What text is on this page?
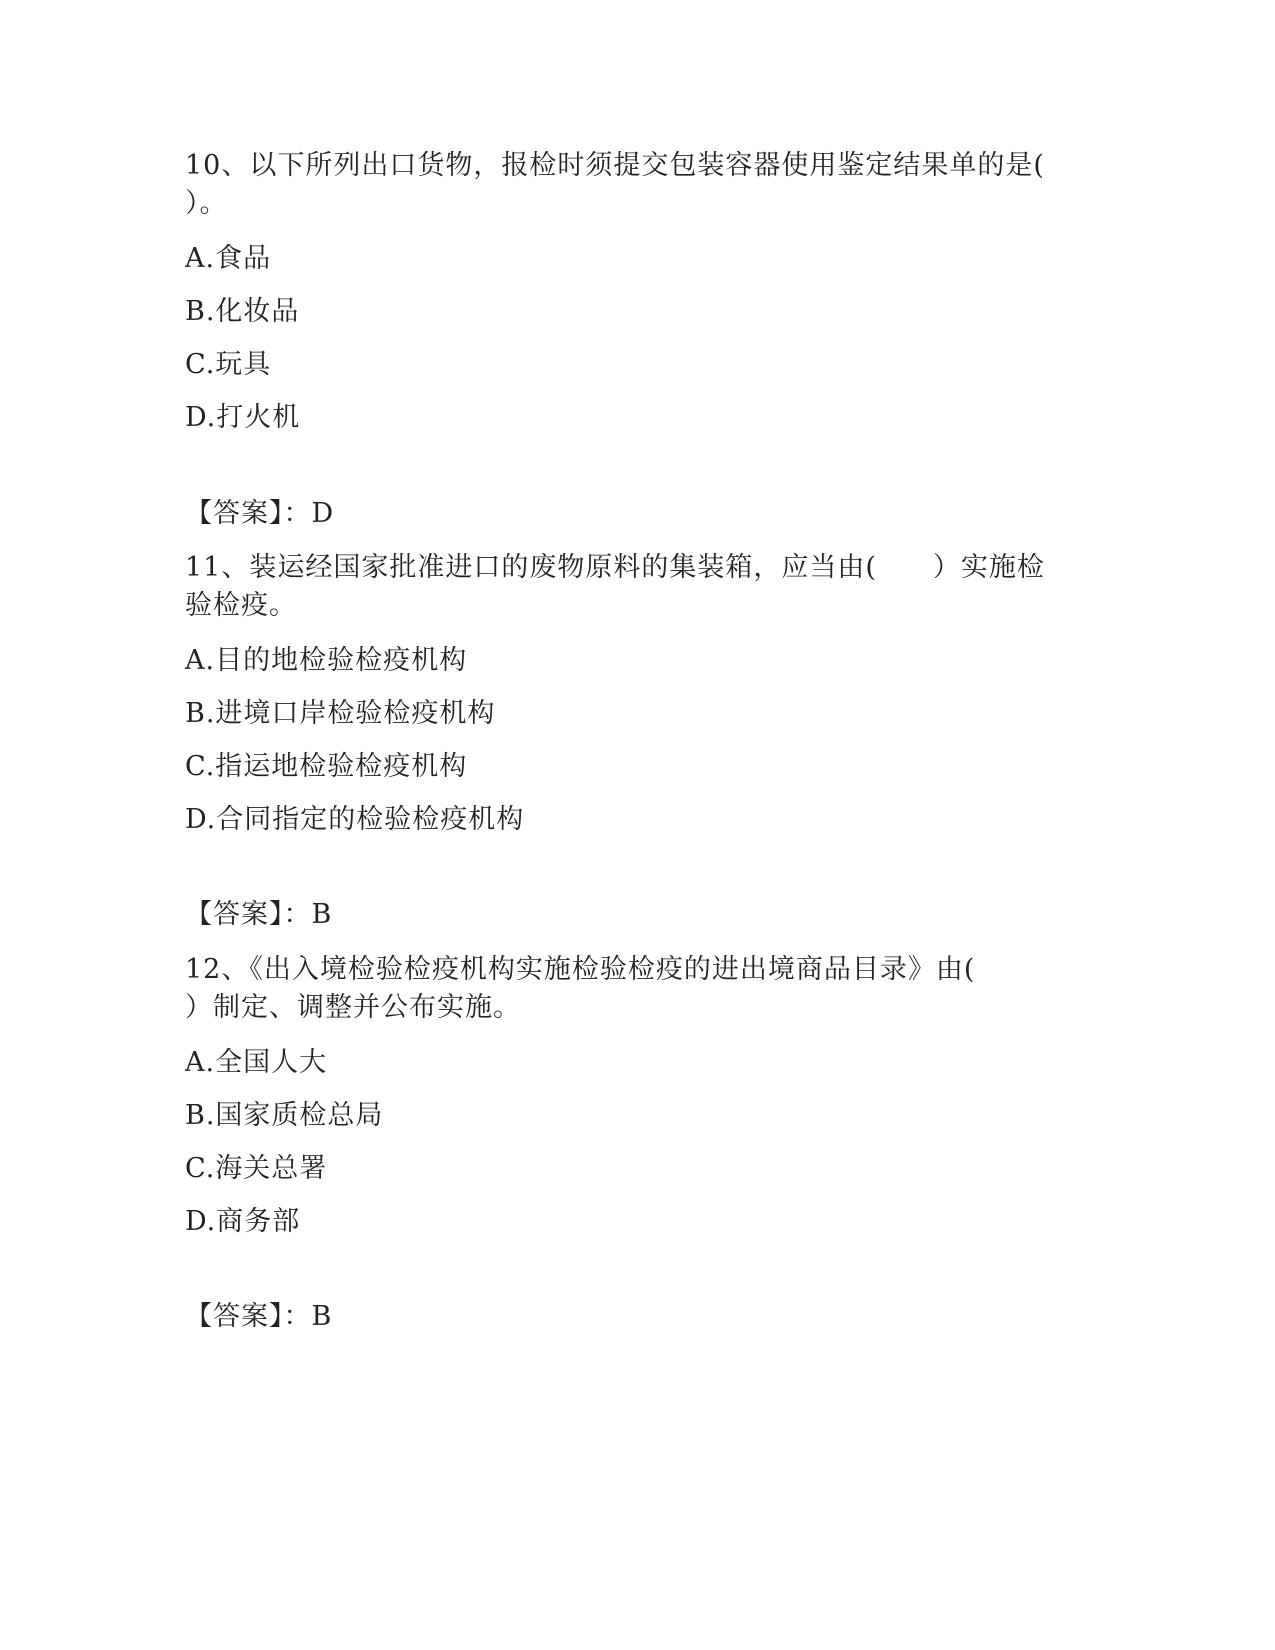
10、以下所列出口货物，报检时须提交包装容器使用鉴定结果单的是(
）。
A.食品
B.化妆品
C.玩具
D.打火机
【答案】：D
11、装运经国家批准进口的废物原料的集装箱，应当由(　　）实施检
验检疫。
A.目的地检验检疫机构
B.进境口岸检验检疫机构
C.指运地检验检疫机构
D.合同指定的检验检疫机构
【答案】：B
12、《出入境检验检疫机构实施检验检疫的进出境商品目录》由(
）制定、调整并公布实施。
A.全国人大
B.国家质检总局
C.海关总署
D.商务部
【答案】：B
